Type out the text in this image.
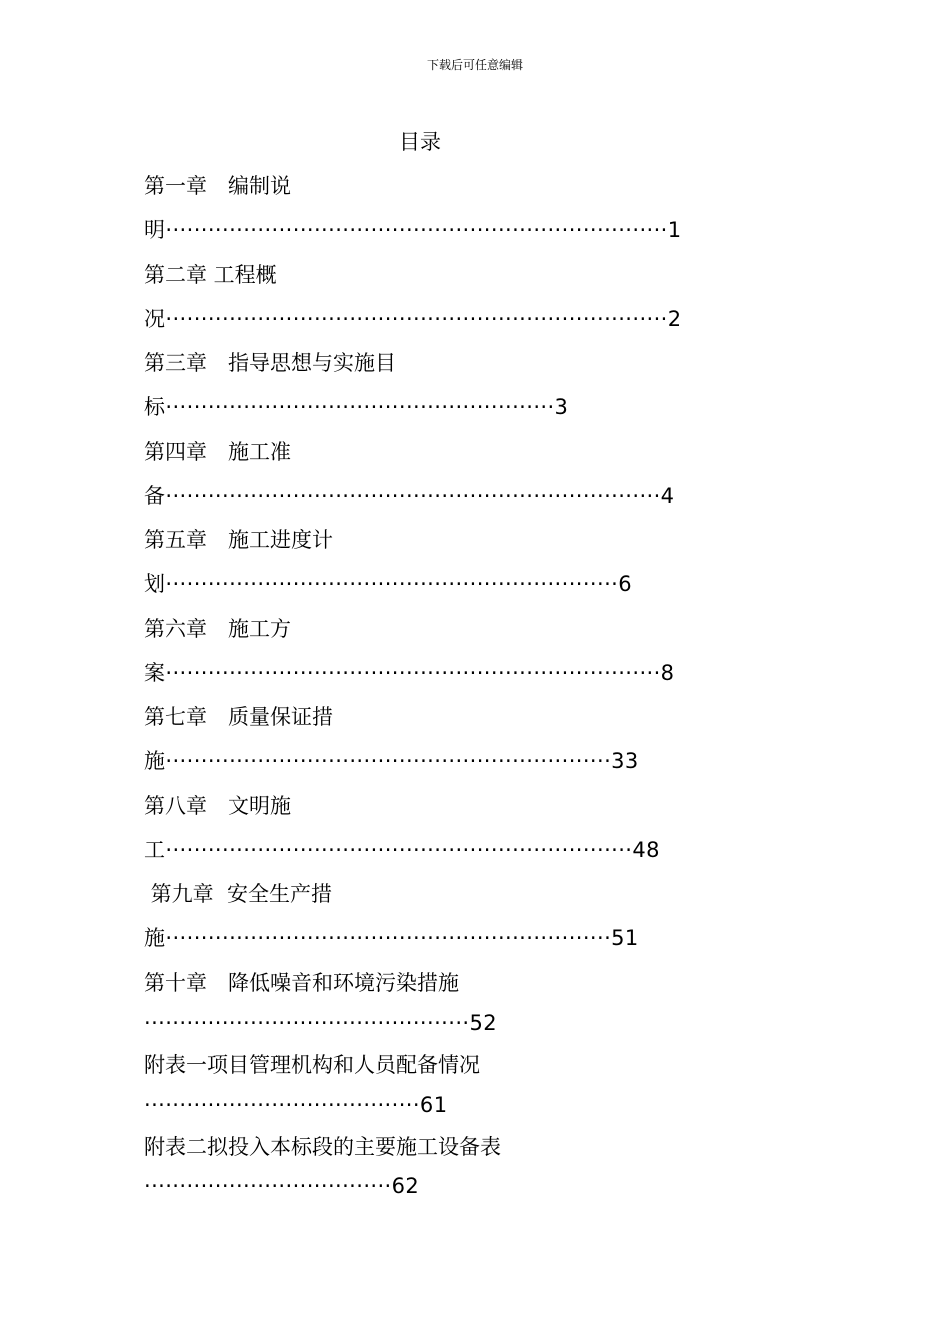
下载后可任意编辑
目录
第一章　编制说
明·······································································1
第二章 工程概
况·······································································2
第三章　指导思想与实施目
标·······················································3
第四章　施工准
备······································································4
第五章　施工进度计
划································································6
第六章　施工方
案······································································8
第七章　质量保证措
施·······························································33
第八章　文明施
工··································································48
第九章  安全生产措
施·······························································51
第十章　降低噪音和环境污染措施
··············································52
附表一项目管理机构和人员配备情况
·······································61
附表二拟投入本标段的主要施工设备表
···································62
